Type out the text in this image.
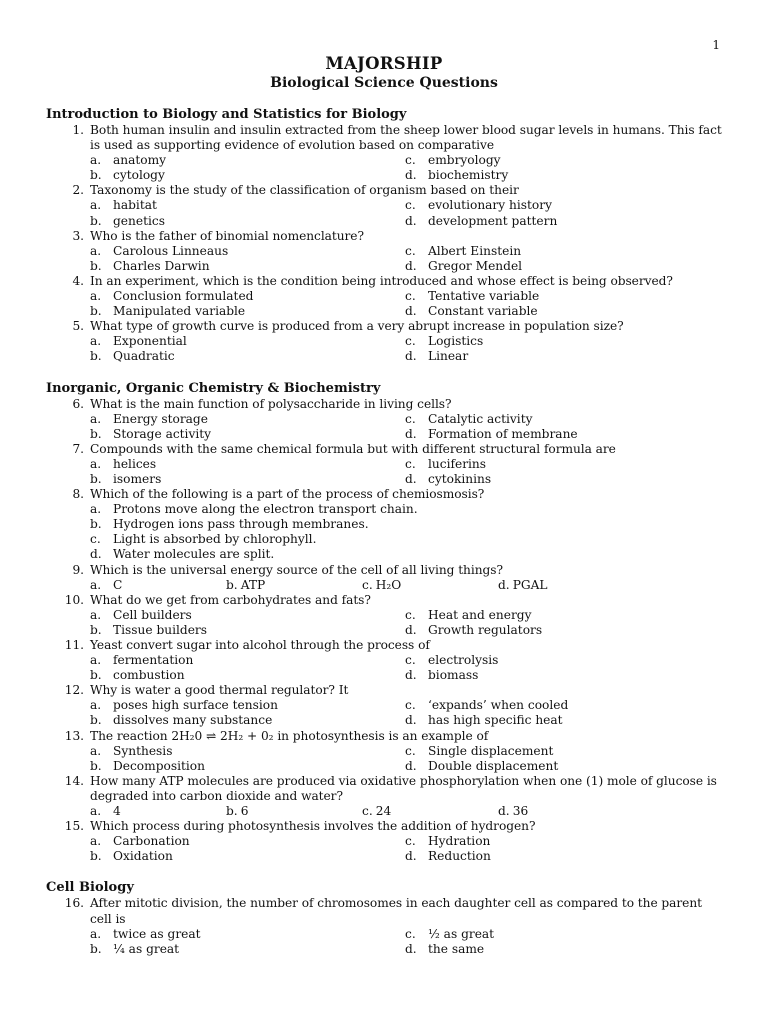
1
MAJORSHIP
Biological Science Questions
Introduction to Biology and Statistics for Biology
1. Both human insulin and insulin extracted from the sheep lower blood sugar levels in humans. This fact is used as supporting evidence of evolution based on comparative
a. anatomy	c. embryology
b. cytology	d. biochemistry
2. Taxonomy is the study of the classification of organism based on their
a. habitat	c. evolutionary history
b. genetics	d. development pattern
3. Who is the father of binomial nomenclature?
a. Carolous Linneaus	c. Albert Einstein
b. Charles Darwin	d. Gregor Mendel
4. In an experiment, which is the condition being introduced and whose effect is being observed?
a. Conclusion formulated	c. Tentative variable
b. Manipulated variable	d. Constant variable
5. What type of growth curve is produced from a very abrupt increase in population size?
a. Exponential	c. Logistics
b. Quadratic	d. Linear
Inorganic, Organic Chemistry & Biochemistry
6. What is the main function of polysaccharide in living cells?
a. Energy storage	c. Catalytic activity
b. Storage activity	d. Formation of membrane
7. Compounds with the same chemical formula but with different structural formula are
a. helices	c. luciferins
b. isomers	d. cytokinins
8. Which of the following is a part of the process of chemiosmosis?
a. Protons move along the electron transport chain.
b. Hydrogen ions pass through membranes.
c. Light is absorbed by chlorophyll.
d. Water molecules are split.
9. Which is the universal energy source of the cell of all living things?
a. C	b. ATP	c. H₂O	d. PGAL
10. What do we get from carbohydrates and fats?
a. Cell builders	c. Heat and energy
b. Tissue builders	d. Growth regulators
11. Yeast convert sugar into alcohol through the process of
a. fermentation	c. electrolysis
b. combustion	d. biomass
12. Why is water a good thermal regulator? It
a. poses high surface tension	c. ‘expands’ when cooled
b. dissolves many substance	d. has high specific heat
13. The reaction 2H₂0 ⇌ 2H₂ + 0₂ in photosynthesis is an example of
a. Synthesis	c. Single displacement
b. Decomposition	d. Double displacement
14. How many ATP molecules are produced via oxidative phosphorylation when one (1) mole of glucose is degraded into carbon dioxide and water?
a. 4	b. 6	c. 24	d. 36
15. Which process during photosynthesis involves the addition of hydrogen?
a. Carbonation	c. Hydration
b. Oxidation	d. Reduction
Cell Biology
16. After mitotic division, the number of chromosomes in each daughter cell as compared to the parent cell is
a. twice as great	c. ½ as great
b. ¼ as great	d. the same
